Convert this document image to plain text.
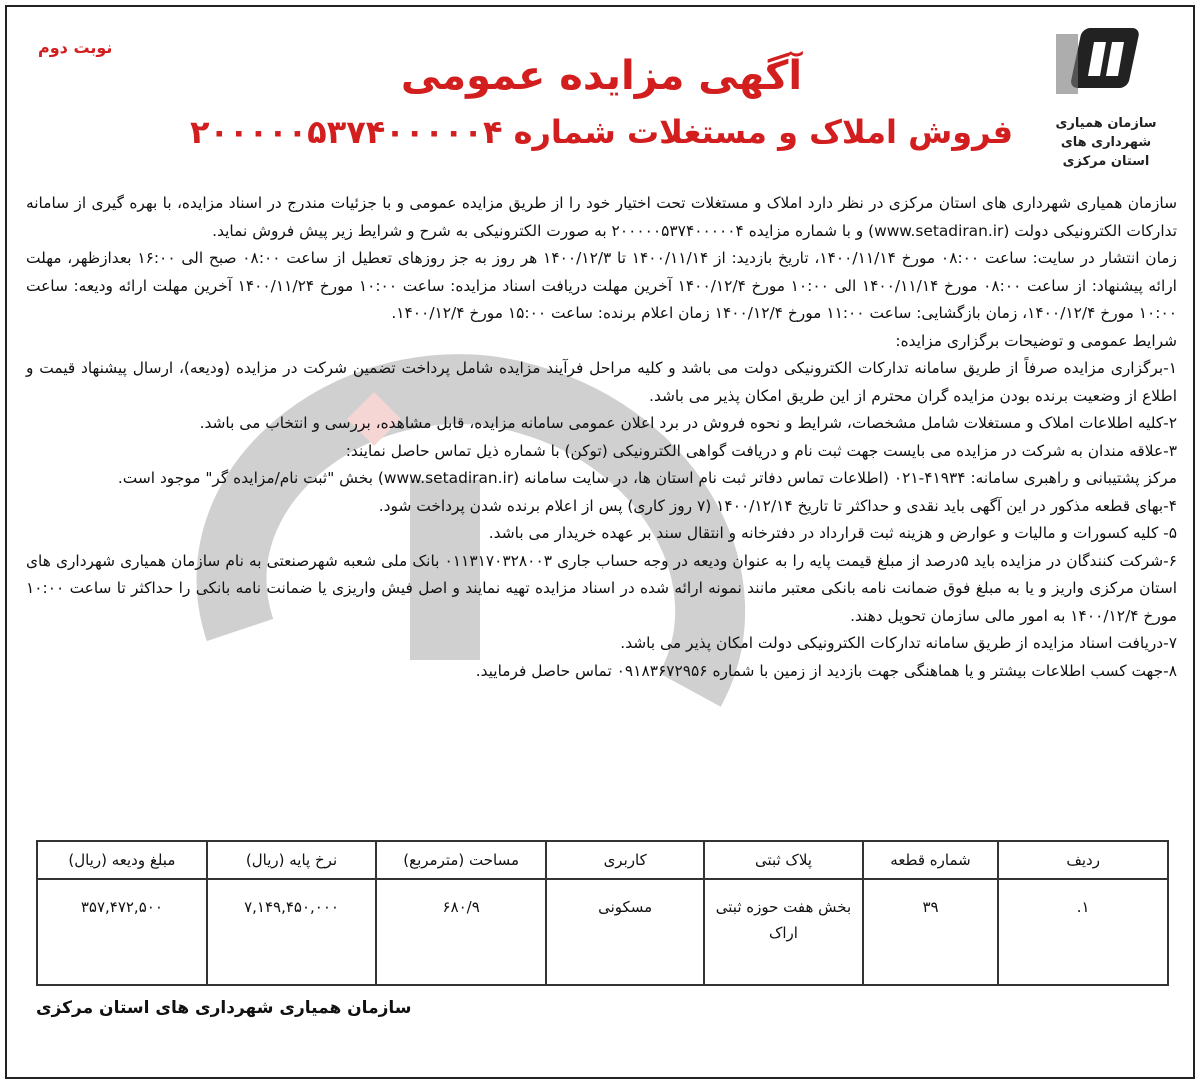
نوبت دوم
سازمان همیاری شهرداری های
استان مرکزی
آگهی مزایده عمومی
فروش املاک و مستغلات شماره ۲۰۰۰۰۰۵۳۷۴۰۰۰۰۰۴

سازمان همیاری شهرداری های استان مرکزی در نظر دارد املاک و مستغلات تحت اختیار خود را از طریق مزایده عمومی و با جزئیات مندرج در اسناد مزایده، با بهره گیری از سامانه تدارکات الکترونیکی دولت (www.setadiran.ir) و با شماره مزایده ۲۰۰۰۰۰۵۳۷۴۰۰۰۰۰۴ به صورت الکترونیکی به شرح و شرایط زیر پیش فروش نماید.

زمان انتشار در سایت: ساعت ۰۸:۰۰ مورخ ۱۴۰۰/۱۱/۱۴، تاریخ بازدید: از ۱۴۰۰/۱۱/۱۴ تا ۱۴۰۰/۱۲/۳ هر روز به جز روزهای تعطیل از ساعت ۰۸:۰۰ صبح الی ۱۶:۰۰ بعدازظهر، مهلت ارائه پیشنهاد: از ساعت ۰۸:۰۰ مورخ ۱۴۰۰/۱۱/۱۴ الی ۱۰:۰۰ مورخ ۱۴۰۰/۱۲/۴ آخرین مهلت دریافت اسناد مزایده: ساعت ۱۰:۰۰ مورخ ۱۴۰۰/۱۱/۲۴ آخرین مهلت ارائه ودیعه: ساعت ۱۰:۰۰ مورخ ۱۴۰۰/۱۲/۴، زمان بازگشایی: ساعت ۱۱:۰۰ مورخ ۱۴۰۰/۱۲/۴ زمان اعلام برنده: ساعت ۱۵:۰۰ مورخ ۱۴۰۰/۱۲/۴.

شرایط عمومی و توضیحات برگزاری مزایده:

۱-برگزاری مزایده صرفاً از طریق سامانه تدارکات الکترونیکی دولت می باشد و کلیه مراحل فرآیند مزایده شامل پرداخت تضمین شرکت در مزایده (ودیعه)، ارسال پیشنهاد قیمت و اطلاع از وضعیت برنده بودن مزایده گران محترم از این طریق امکان پذیر می باشد.

۲-کلیه اطلاعات املاک و مستغلات شامل مشخصات، شرایط و نحوه فروش در برد اعلان عمومی سامانه مزایده، قابل مشاهده، بررسی و انتخاب می باشد.

۳-علاقه مندان به شرکت در مزایده می بایست جهت ثبت نام و دریافت گواهی الکترونیکی (توکن) با شماره ذیل تماس حاصل نمایند:

مرکز پشتیبانی و راهبری سامانه: ۴۱۹۳۴-۰۲۱ (اطلاعات تماس دفاتر ثبت نام استان ها، در سایت سامانه (www.setadiran.ir) بخش "ثبت نام/مزایده گر" موجود است.

۴-بهای قطعه مذکور در این آگهی باید نقدی و حداکثر تا تاریخ ۱۴۰۰/۱۲/۱۴ (۷ روز کاری) پس از اعلام برنده شدن پرداخت شود.

۵- کلیه کسورات و مالیات و عوارض و هزینه ثبت قرارداد در دفترخانه و انتقال سند بر عهده خریدار می باشد.

۶-شرکت کنندگان در مزایده باید ۵درصد از مبلغ قیمت پایه را به عنوان ودیعه در وجه حساب جاری ۰۱۱۳۱۷۰۳۲۸۰۰۳ بانک ملی شعبه شهرصنعتی به نام سازمان همیاری شهرداری های استان مرکزی واریز و یا به مبلغ فوق ضمانت نامه بانکی معتبر مانند نمونه ارائه شده در اسناد مزایده تهیه نمایند و اصل فیش واریزی یا ضمانت نامه بانکی را حداکثر تا ساعت ۱۰:۰۰ مورخ ۱۴۰۰/۱۲/۴ به امور مالی سازمان تحویل دهند.

۷-دریافت اسناد مزایده از طریق سامانه تدارکات الکترونیکی دولت امکان پذیر می باشد.

۸-جهت کسب اطلاعات بیشتر و یا هماهنگی جهت بازدید از زمین با شماره ۰۹۱۸۳۶۷۲۹۵۶ تماس حاصل فرمایید.

ردیف	شماره قطعه	پلاک ثبتی	کاربری	مساحت (مترمربع)	نرخ پایه (ریال)	مبلغ ودیعه (ریال)
۱.	۳۹	بخش هفت حوزه ثبتی اراک	مسکونی	۶۸۰/۹	۷,۱۴۹,۴۵۰,۰۰۰	۳۵۷,۴۷۲,۵۰۰
سازمان همیاری شهرداری های استان مرکزی
